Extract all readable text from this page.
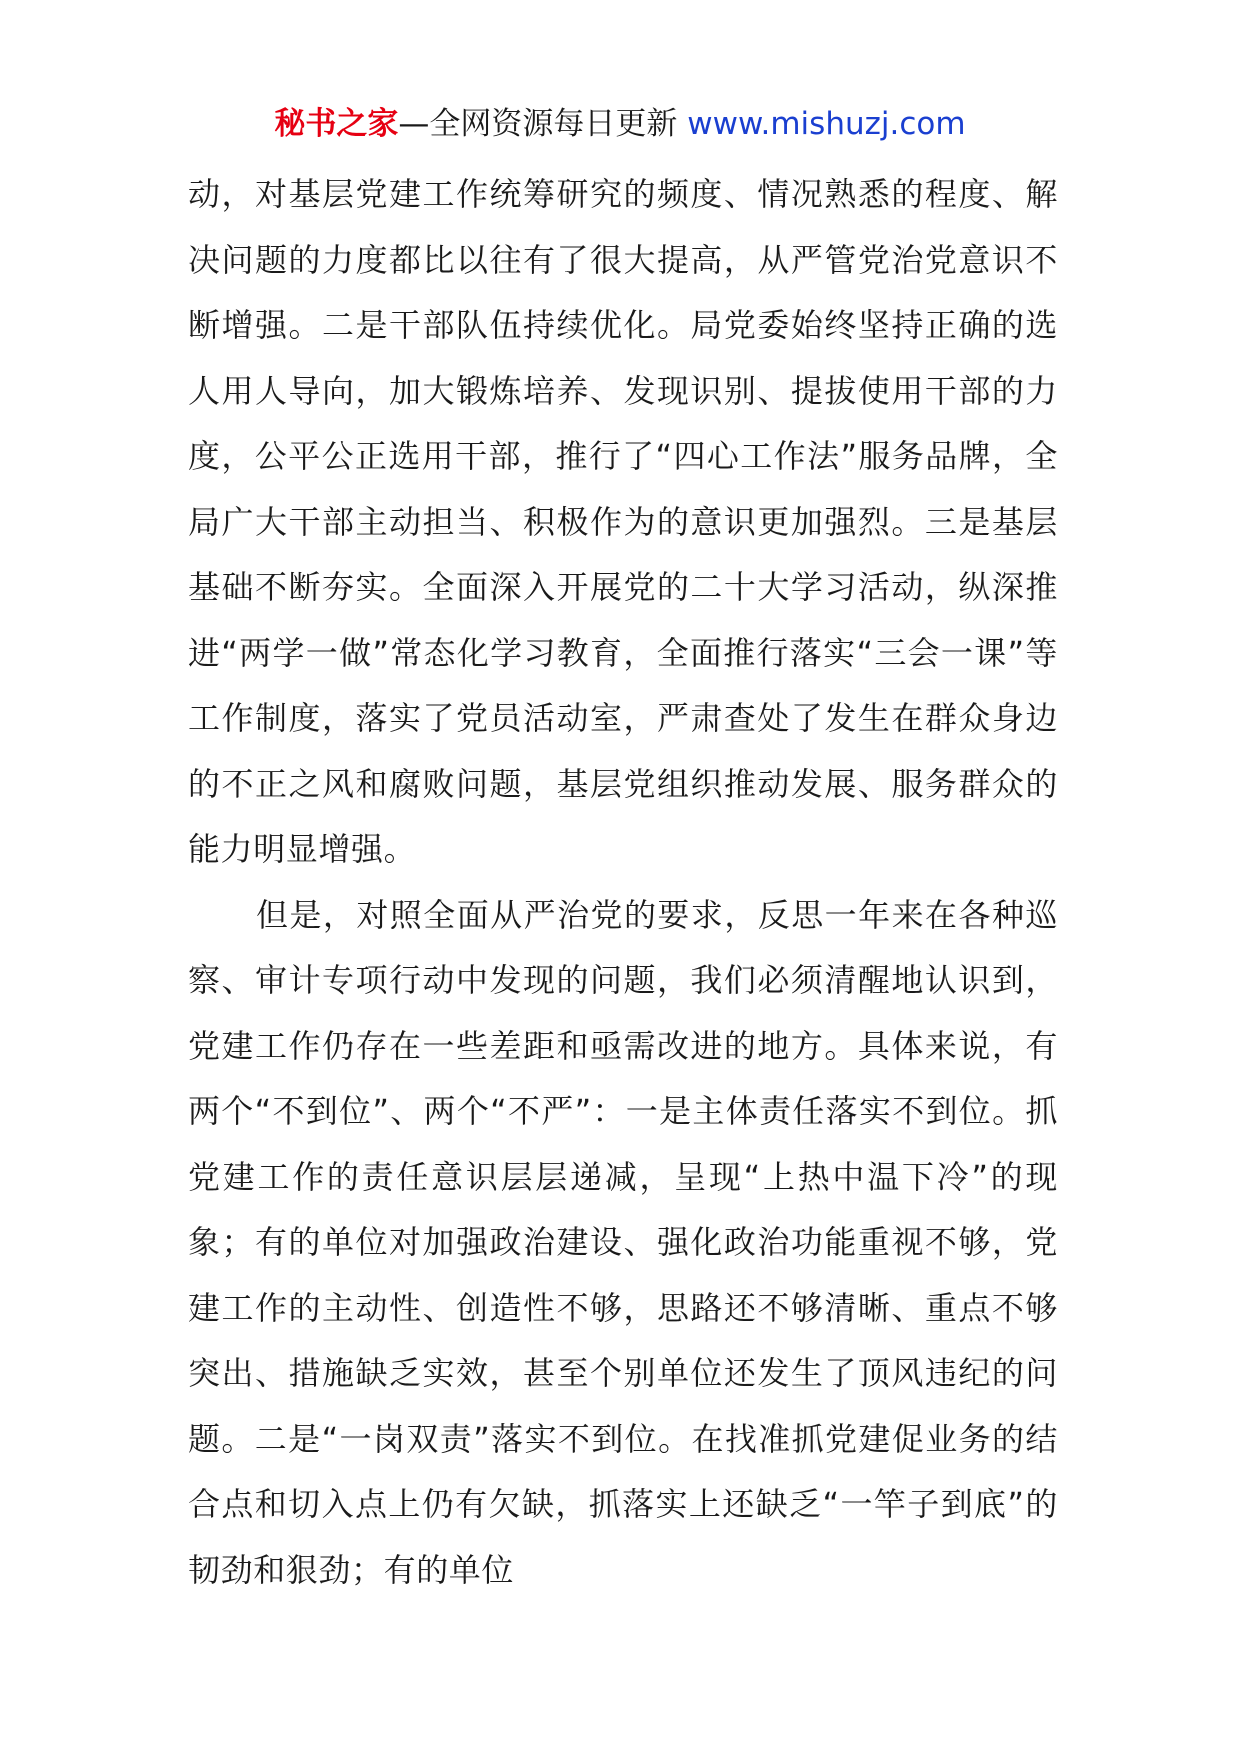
秘书之家—全网资源每日更新 www.mishuzj.com

动，对基层党建工作统筹研究的频度、情况熟悉的程度、解决问题的力度都比以往有了很大提高，从严管党治党意识不断增强。二是干部队伍持续优化。局党委始终坚持正确的选人用人导向，加大锻炼培养、发现识别、提拔使用干部的力度，公平公正选用干部，推行了“四心工作法”服务品牌，全局广大干部主动担当、积极作为的意识更加强烈。三是基层基础不断夯实。全面深入开展党的二十大学习活动，纵深推进“两学一做”常态化学习教育，全面推行落实“三会一课”等工作制度，落实了党员活动室，严肃查处了发生在群众身边的不正之风和腐败问题，基层党组织推动发展、服务群众的能力明显增强。

但是，对照全面从严治党的要求，反思一年来在各种巡察、审计专项行动中发现的问题，我们必须清醒地认识到，党建工作仍存在一些差距和亟需改进的地方。具体来说，有两个“不到位”、两个“不严”：一是主体责任落实不到位。抓党建工作的责任意识层层递减，呈现“上热中温下冷”的现象；有的单位对加强政治建设、强化政治功能重视不够，党建工作的主动性、创造性不够，思路还不够清晰、重点不够突出、措施缺乏实效，甚至个别单位还发生了顶风违纪的问题。二是“一岗双责”落实不到位。在找准抓党建促业务的结合点和切入点上仍有欠缺，抓落实上还缺乏“一竿子到底”的韧劲和狠劲；有的单位
